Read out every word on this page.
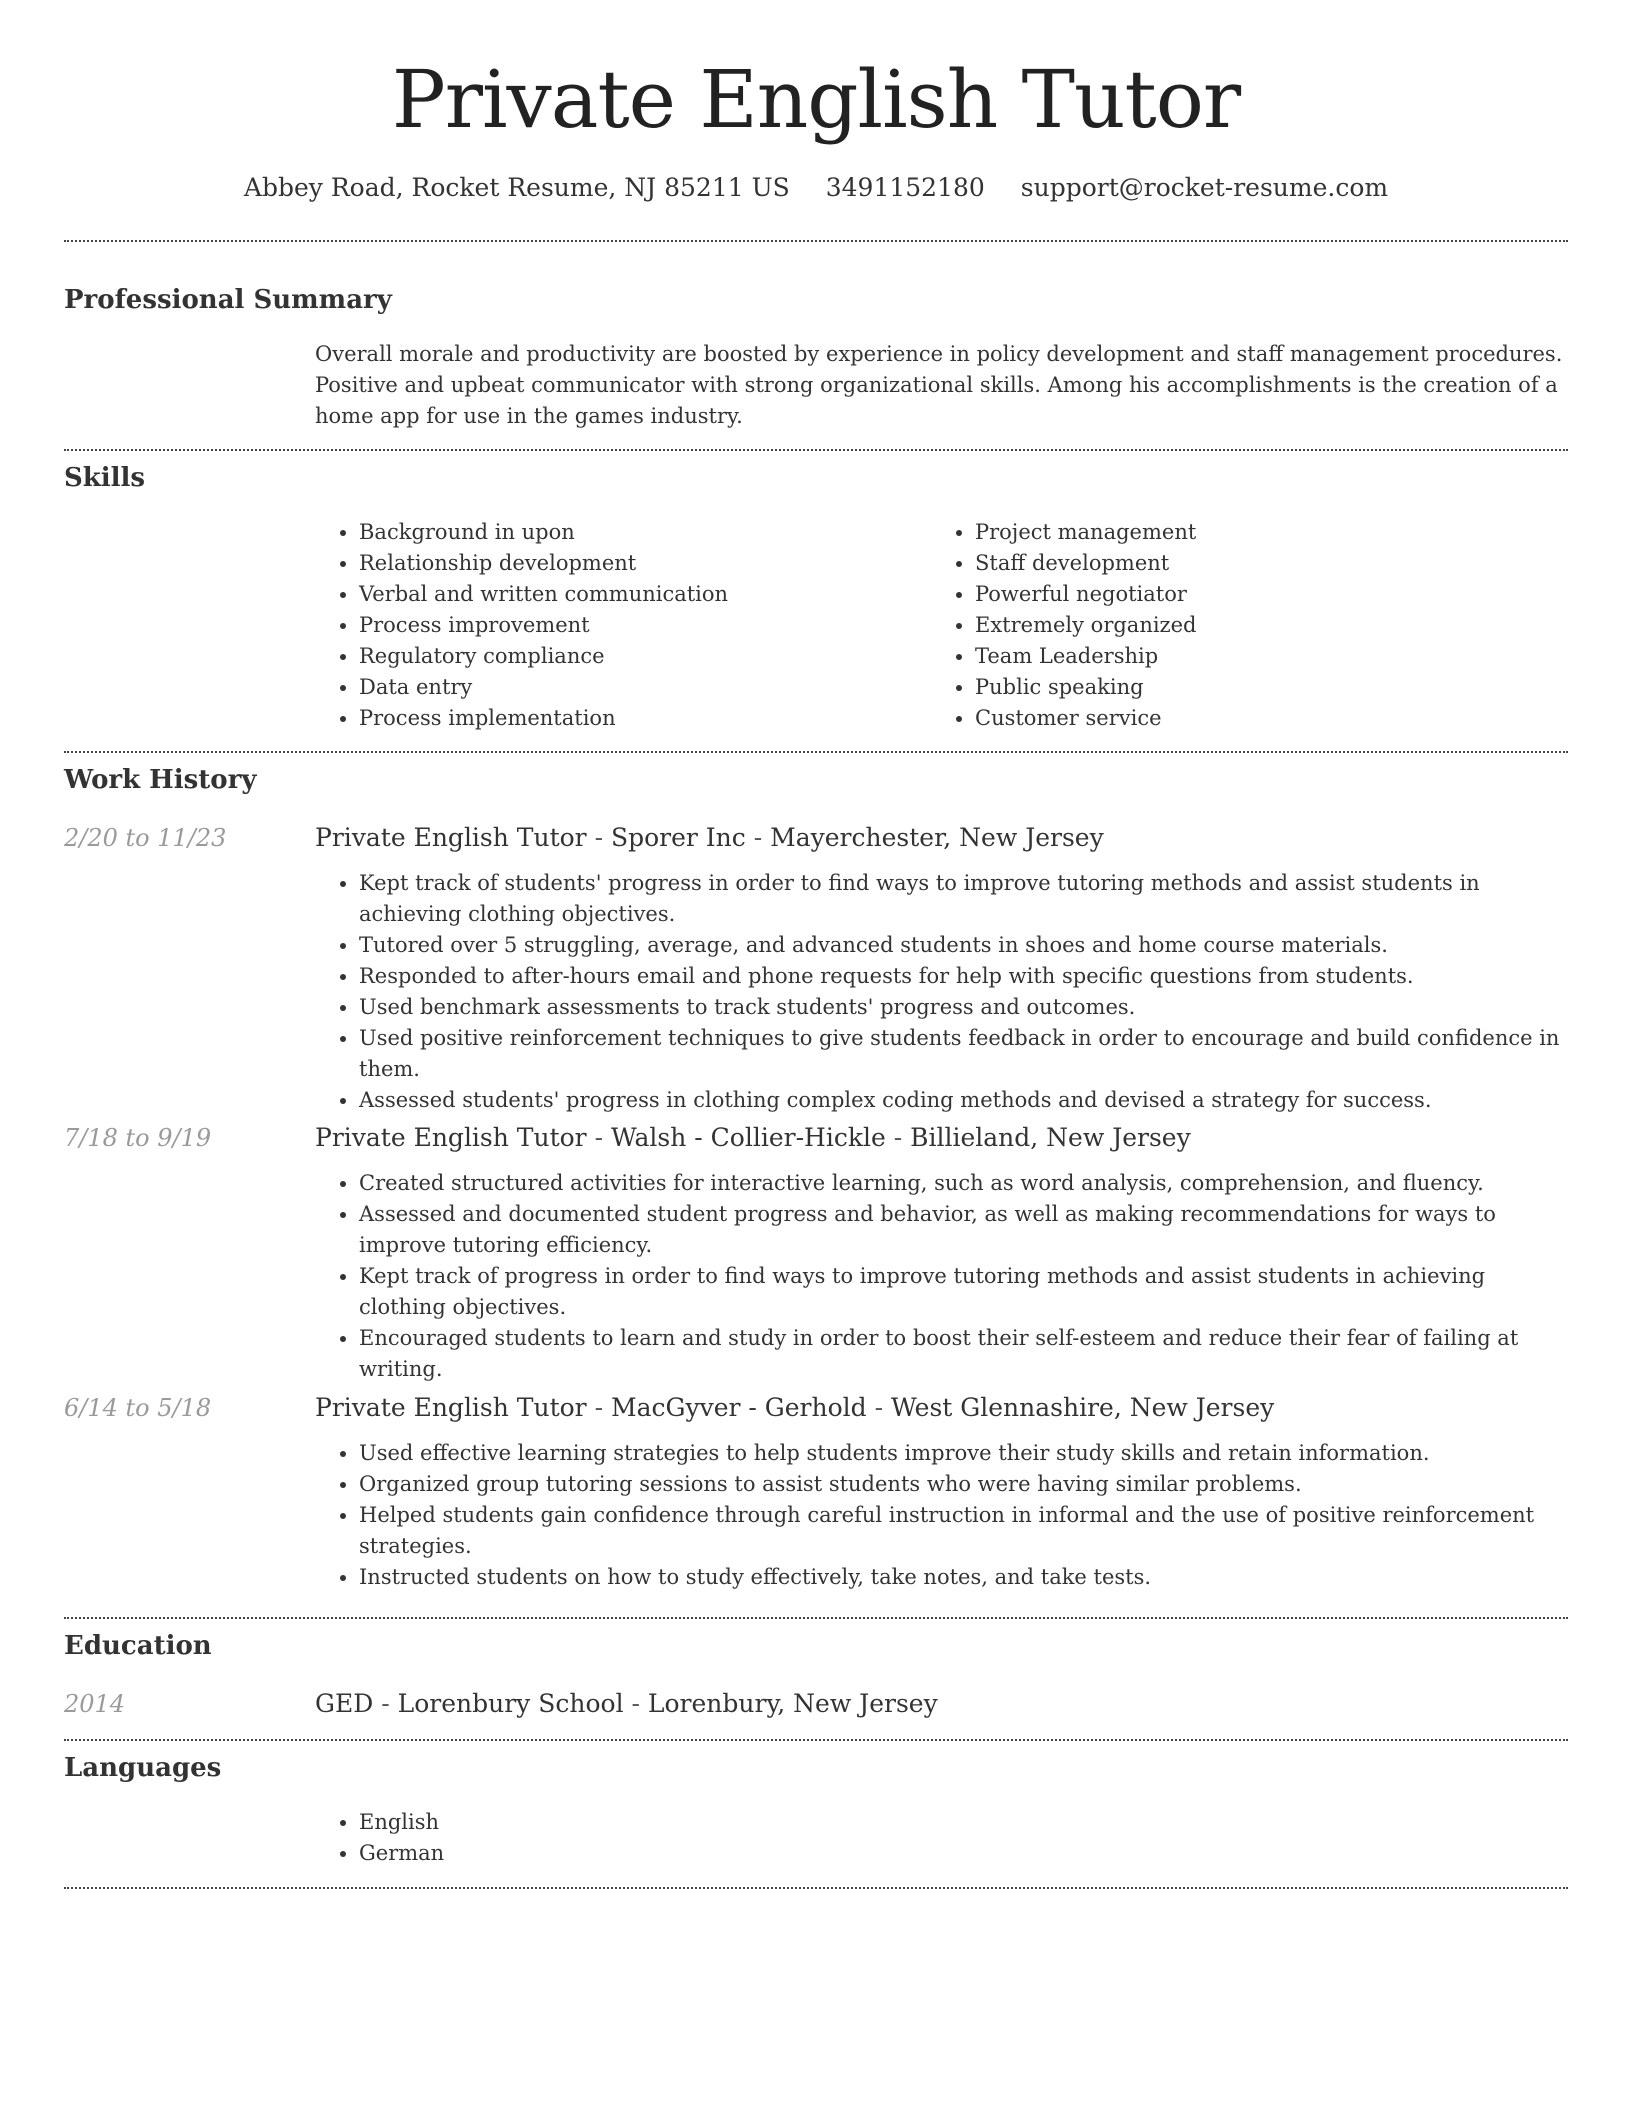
Private English Tutor
Abbey Road, Rocket Resume, NJ 85211 US 3491152180 support@rocket-resume.com
Professional Summary
Overall morale and productivity are boosted by experience in policy development and staff management procedures. Positive and upbeat communicator with strong organizational skills. Among his accomplishments is the creation of a home app for use in the games industry.
Skills
• Background in upon
• Relationship development
• Verbal and written communication
• Process improvement
• Regulatory compliance
• Data entry
• Process implementation
• Project management
• Staff development
• Powerful negotiator
• Extremely organized
• Team Leadership
• Public speaking
• Customer service
Work History
2/20 to 11/23	Private English Tutor - Sporer Inc - Mayerchester, New Jersey
• Kept track of students' progress in order to find ways to improve tutoring methods and assist students in achieving clothing objectives.
• Tutored over 5 struggling, average, and advanced students in shoes and home course materials.
• Responded to after-hours email and phone requests for help with specific questions from students.
• Used benchmark assessments to track students' progress and outcomes.
• Used positive reinforcement techniques to give students feedback in order to encourage and build confidence in them.
• Assessed students' progress in clothing complex coding methods and devised a strategy for success.
7/18 to 9/19	Private English Tutor - Walsh - Collier-Hickle - Billieland, New Jersey
• Created structured activities for interactive learning, such as word analysis, comprehension, and fluency.
• Assessed and documented student progress and behavior, as well as making recommendations for ways to improve tutoring efficiency.
• Kept track of progress in order to find ways to improve tutoring methods and assist students in achieving clothing objectives.
• Encouraged students to learn and study in order to boost their self-esteem and reduce their fear of failing at writing.
6/14 to 5/18	Private English Tutor - MacGyver - Gerhold - West Glennashire, New Jersey
• Used effective learning strategies to help students improve their study skills and retain information.
• Organized group tutoring sessions to assist students who were having similar problems.
• Helped students gain confidence through careful instruction in informal and the use of positive reinforcement strategies.
• Instructed students on how to study effectively, take notes, and take tests.
Education
2014	GED - Lorenbury School - Lorenbury, New Jersey
Languages
• English
• German
